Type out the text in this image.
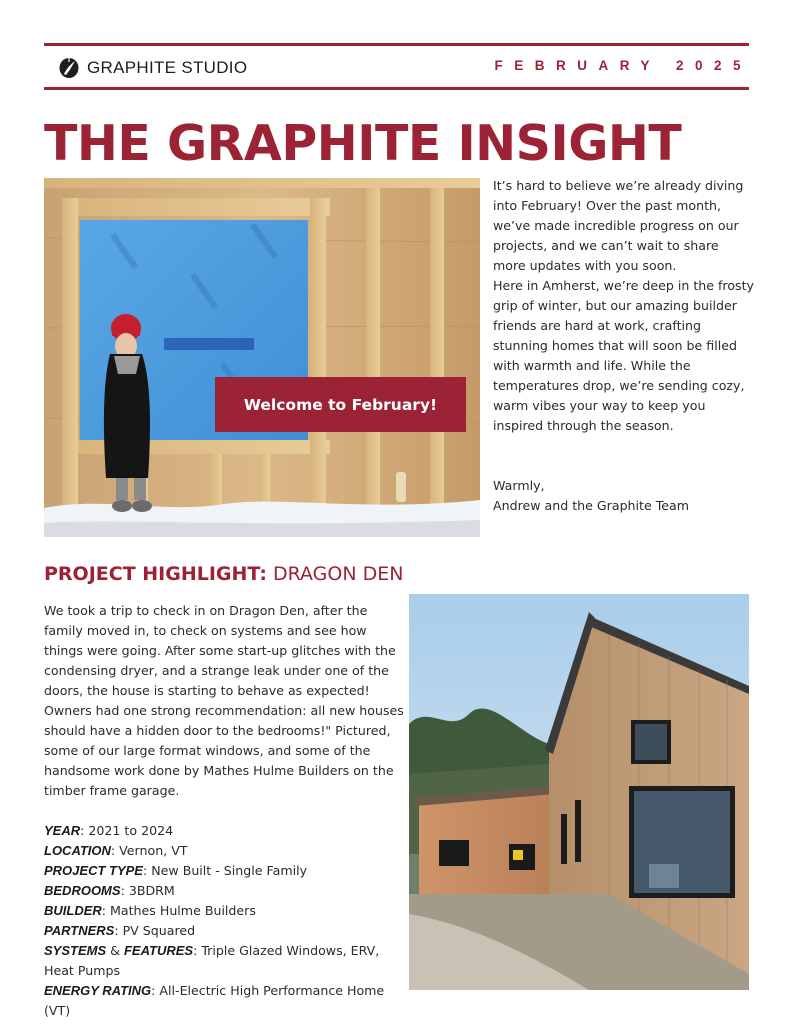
GRAPHITE STUDIO	FEBRUARY 2025
THE GRAPHITE INSIGHT
Welcome to February!

It’s hard to believe we’re already diving into February! Over the past month, we’ve made incredible progress on our projects, and we can’t wait to share more updates with you soon.

Here in Amherst, we’re deep in the frosty grip of winter, but our amazing builder friends are hard at work, crafting stunning homes that will soon be filled with warmth and life. While the temperatures drop, we’re sending cozy, warm vibes your way to keep you inspired through the season.

Warmly,

Andrew and the Graphite Team

PROJECT HIGHLIGHT: DRAGON DEN

We took a trip to check in on Dragon Den, after the family moved in, to check on systems and see how things were going. After some start-up glitches with the condensing dryer, and a strange leak under one of the doors, the house is starting to behave as expected! Owners had one strong recommendation: all new houses should have a hidden door to the bedrooms!" Pictured, some of our large format windows, and some of the handsome work done by Mathes Hulme Builders on the timber frame garage.

YEAR: 2021 to 2024

LOCATION: Vernon, VT

PROJECT TYPE: New Built - Single Family

BEDROOMS: 3BDRM

BUILDER: Mathes Hulme Builders

PARTNERS: PV Squared

SYSTEMS & FEATURES: Triple Glazed Windows, ERV, Heat Pumps

ENERGY RATING: All-Electric High Performance Home (VT)
